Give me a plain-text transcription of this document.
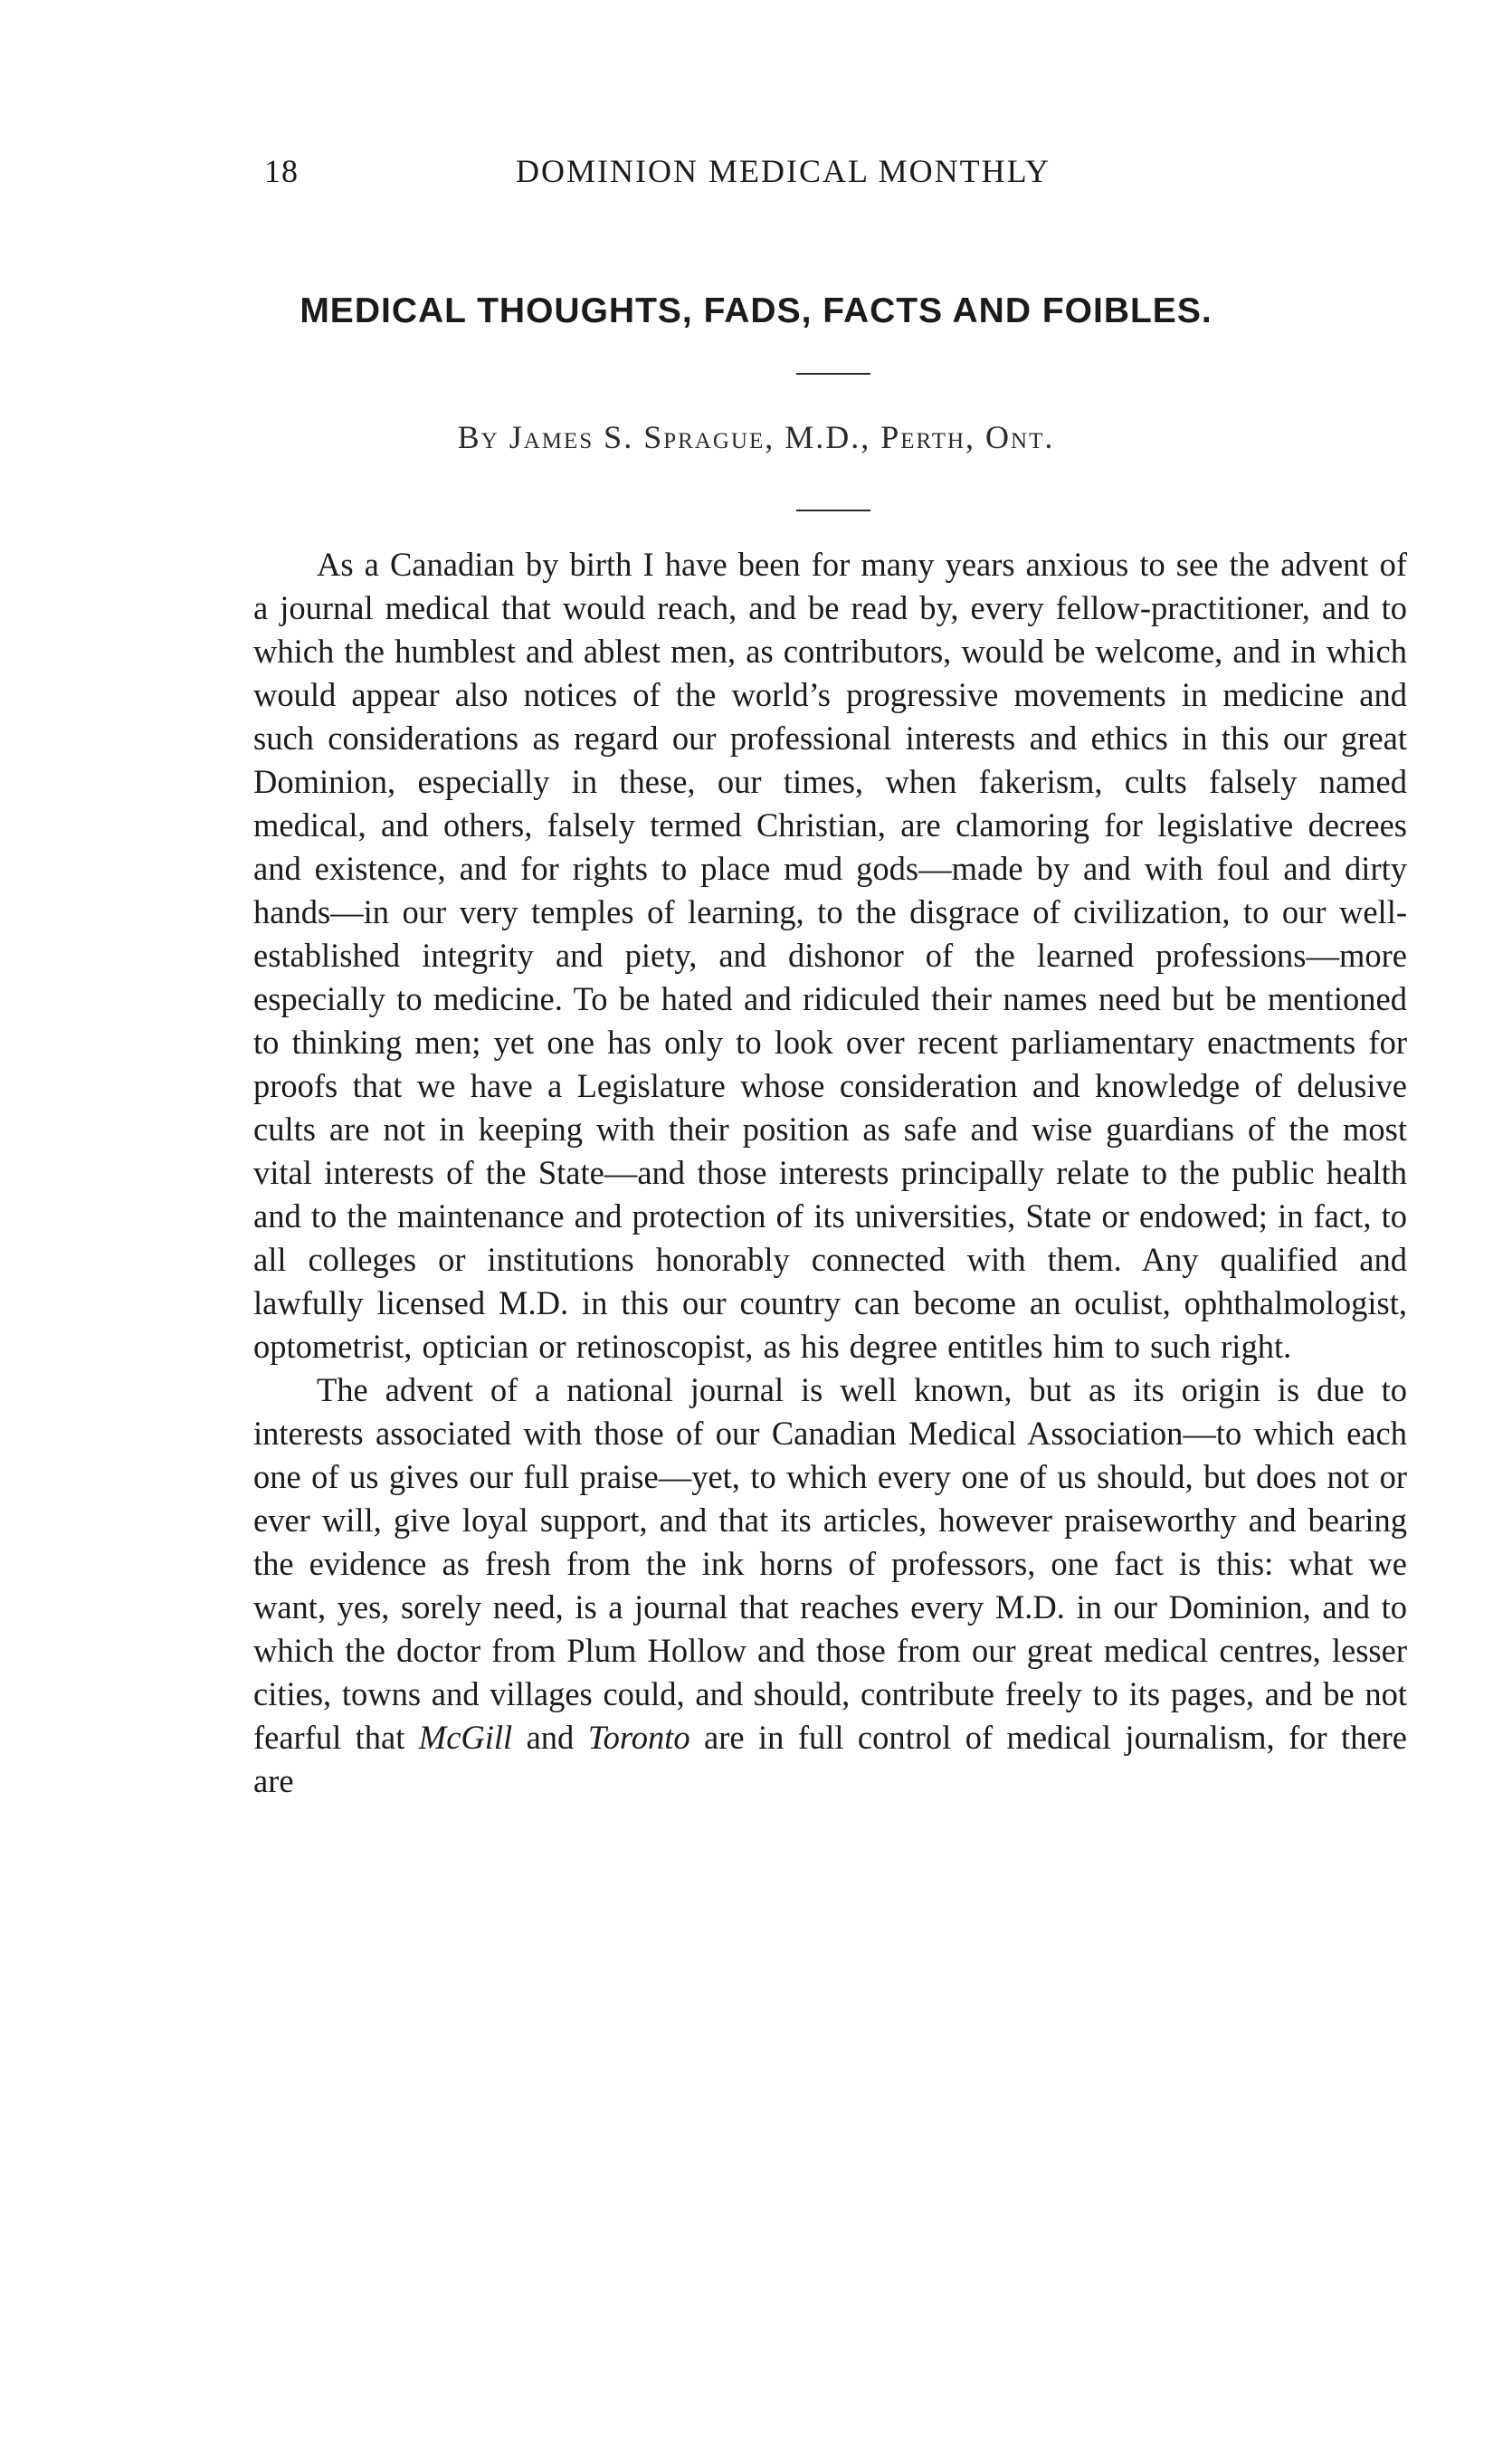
18	DOMINION MEDICAL MONTHLY
MEDICAL THOUGHTS, FADS, FACTS AND FOIBLES.
By James S. Sprague, M.D., Perth, Ont.

As a Canadian by birth I have been for many years anxious to see the advent of a journal medical that would reach, and be read by, every fellow-practitioner, and to which the humblest and ablest men, as contributors, would be welcome, and in which would appear also notices of the world’s progressive movements in medicine and such considerations as regard our professional interests and ethics in this our great Dominion, especially in these, our times, when fakerism, cults falsely named medical, and others, falsely termed Christian, are clamoring for legislative decrees and existence, and for rights to place mud gods—made by and with foul and dirty hands—in our very temples of learning, to the disgrace of civilization, to our well-established integrity and piety, and dishonor of the learned professions—more especially to medicine. To be hated and ridiculed their names need but be mentioned to thinking men; yet one has only to look over recent parliamentary enactments for proofs that we have a Legislature whose consideration and knowledge of delusive cults are not in keeping with their position as safe and wise guardians of the most vital interests of the State—and those interests principally relate to the public health and to the maintenance and protection of its universities, State or endowed; in fact, to all colleges or institutions honorably connected with them. Any qualified and lawfully licensed M.D. in this our country can become an oculist, ophthalmologist, optometrist, optician or retinoscopist, as his degree entitles him to such right.

The advent of a national journal is well known, but as its origin is due to interests associated with those of our Canadian Medical Association—to which each one of us gives our full praise—yet, to which every one of us should, but does not or ever will, give loyal support, and that its articles, however praiseworthy and bearing the evidence as fresh from the ink horns of professors, one fact is this: what we want, yes, sorely need, is a journal that reaches every M.D. in our Dominion, and to which the doctor from Plum Hollow and those from our great medical centres, lesser cities, towns and villages could, and should, contribute freely to its pages, and be not fearful that McGill and Toronto are in full control of medical journalism, for there are
